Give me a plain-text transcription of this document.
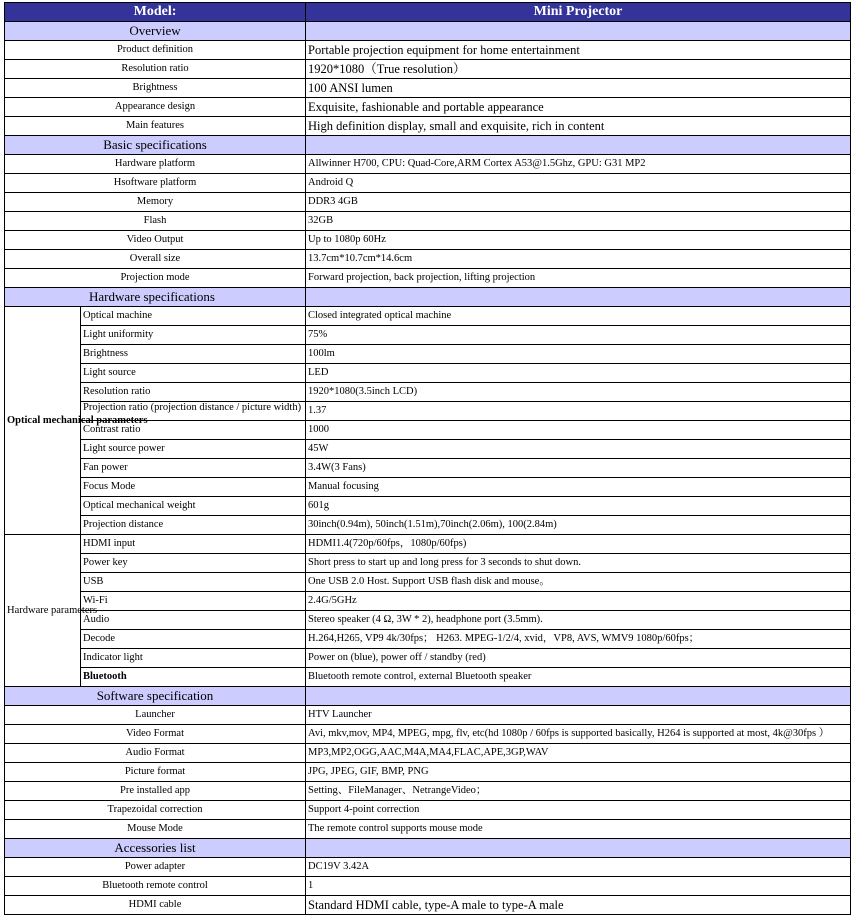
Model:		Mini Projector
Overview		
Product definition		Portable projection equipment for home entertainment
Resolution ratio		1920*1080（True resolution）
Brightness		100 ANSI lumen
Appearance design		Exquisite, fashionable and portable appearance
Main features		High definition display, small and exquisite, rich in content
Basic specifications		
Hardware platform		Allwinner H700, CPU: Quad-Core,ARM Cortex A53@1.5Ghz, GPU: G31 MP2
Hsoftware platform		Android Q
Memory		DDR3 4GB
Flash		32GB
Video Output		Up to 1080p 60Hz
Overall size		13.7cm*10.7cm*14.6cm
Projection mode		Forward projection, back projection, lifting projection
Hardware specifications		
Optical mechanical parameters	Optical machine	Closed integrated optical machine
	Light uniformity	75%
	Brightness	100lm
	Light source	LED
	Resolution ratio	1920*1080(3.5inch LCD)

	Projection ratio (projection distance / picture width)	1.37
	Contrast ratio	1000
	Light source power	45W
	Fan power	3.4W(3 Fans)
	Focus Mode	Manual focusing
	Optical mechanical weight	601g
	Projection distance	30inch(0.94m), 50inch(1.51m),70inch(2.06m), 100(2.84m)
Hardware parameters	HDMI input	HDMI1.4(720p/60fps，1080p/60fps)
	Power key	Short press to start up and long press for 3 seconds to shut down.
	USB	One USB 2.0 Host. Support USB flash disk and mouse。
	Wi-Fi	2.4G/5GHz
	Audio	Stereo speaker (4 Ω, 3W * 2), headphone port (3.5mm).
	Decode	H.264,H265, VP9 4k/30fps； H263. MPEG-1/2/4, xvid，VP8, AVS, WMV9 1080p/60fps；
	Indicator light	Power on (blue), power off / standby (red)
	Bluetooth	Bluetooth remote control, external Bluetooth speaker
Software specification		
Launcher		HTV Launcher
Video Format		Avi, mkv,mov, MP4, MPEG, mpg, flv, etc(hd 1080p / 60fps is supported basically, H264 is supported at most, 4k@30fps ）
Audio Format		MP3,MP2,OGG,AAC,M4A,MA4,FLAC,APE,3GP,WAV
Picture format		JPG, JPEG, GIF, BMP, PNG
Pre installed app		Setting、FileManager、NetrangeVideo；
Trapezoidal correction		Support 4-point correction
Mouse Mode		The remote control supports mouse mode
Accessories list		
Power adapter		DC19V 3.42A
Bluetooth remote control		1
HDMI cable		Standard HDMI cable, type-A male to type-A male
